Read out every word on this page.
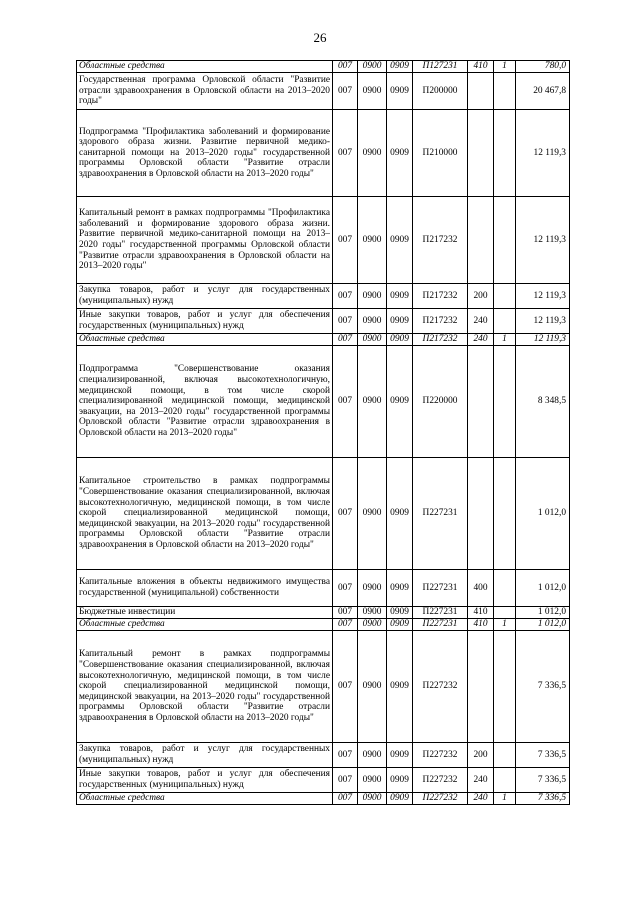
26
Областные средства	007	0900	0909	П127231	410	1	780,0
Государственная программа Орловской области "Развитие отрасли здравоохранения в Орловской области на 2013–2020 годы"	007	0900	0909	П200000			20 467,8
Подпрограмма "Профилактика заболеваний и формирование здорового образа жизни. Развитие первичной медико-санитарной помощи на 2013–2020 годы" государственной программы Орловской области "Развитие отрасли здравоохранения в Орловской области на 2013–2020 годы"	007	0900	0909	П210000			12 119,3
Капитальный ремонт в рамках подпрограммы "Профилактика заболеваний и формирование здорового образа жизни. Развитие первичной медико-санитарной помощи на 2013–2020 годы" государственной программы Орловской области "Развитие отрасли здравоохранения в Орловской области на 2013–2020 годы"	007	0900	0909	П217232			12 119,3
Закупка товаров, работ и услуг для государственных (муниципальных) нужд	007	0900	0909	П217232	200		12 119,3
Иные закупки товаров, работ и услуг для обеспечения государственных (муниципальных) нужд	007	0900	0909	П217232	240		12 119,3
Областные средства	007	0900	0909	П217232	240	1	12 119,3
Подпрограмма "Совершенствование оказания специализированной, включая высокотехнологичную, медицинской помощи, в том числе скорой специализированной медицинской помощи, медицинской эвакуации, на 2013–2020 годы" государственной программы Орловской области "Развитие отрасли здравоохранения в Орловской области на 2013–2020 годы"	007	0900	0909	П220000			8 348,5
Капитальное строительство в рамках подпрограммы "Совершенствование оказания специализированной, включая высокотехнологичную, медицинской помощи, в том числе скорой специализированной медицинской помощи, медицинской эвакуации, на 2013–2020 годы" государственной программы Орловской области "Развитие отрасли здравоохранения в Орловской области на 2013–2020 годы"	007	0900	0909	П227231			1 012,0
Капитальные вложения в объекты недвижимого имущества государственной (муниципальной) собственности	007	0900	0909	П227231	400		1 012,0
Бюджетные инвестиции	007	0900	0909	П227231	410		1 012,0
Областные средства	007	0900	0909	П227231	410	1	1 012,0
Капитальный ремонт в рамках подпрограммы "Совершенствование оказания специализированной, включая высокотехнологичную, медицинской помощи, в том числе скорой специализированной медицинской помощи, медицинской эвакуации, на 2013–2020 годы" государственной программы Орловской области "Развитие отрасли здравоохранения в Орловской области на 2013–2020 годы"	007	0900	0909	П227232			7 336,5
Закупка товаров, работ и услуг для государственных (муниципальных) нужд	007	0900	0909	П227232	200		7 336,5
Иные закупки товаров, работ и услуг для обеспечения государственных (муниципальных) нужд	007	0900	0909	П227232	240		7 336,5
Областные средства	007	0900	0909	П227232	240	1	7 336,5
